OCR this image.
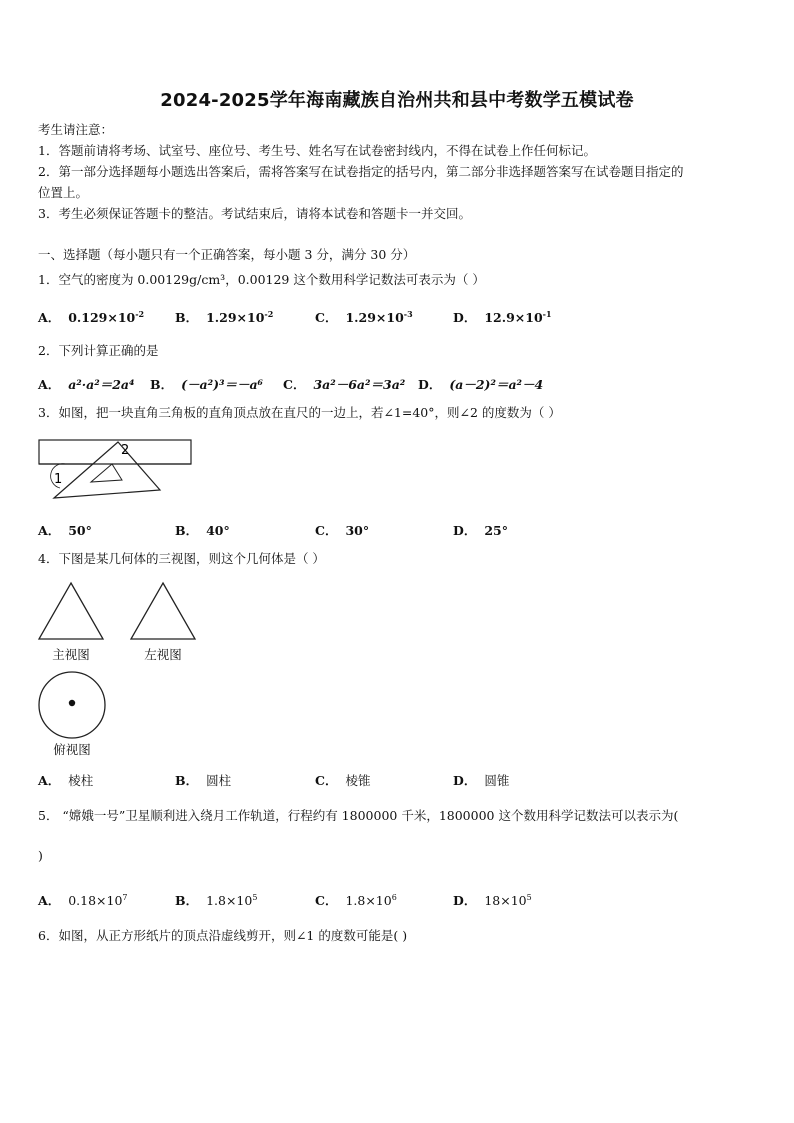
2024-2025学年海南藏族自治州共和县中考数学五模试卷
考生请注意：
1．答题前请将考场、试室号、座位号、考生号、姓名写在试卷密封线内，不得在试卷上作任何标记。
2．第一部分选择题每小题选出答案后，需将答案写在试卷指定的括号内，第二部分非选择题答案写在试卷题目指定的
位置上。
3．考生必须保证答题卡的整洁。考试结束后，请将本试卷和答题卡一并交回。
一、选择题（每小题只有一个正确答案，每小题 3 分，满分 30 分）
1．空气的密度为 0.00129g/cm³，0.00129 这个数用科学记数法可表示为（ ）
A． $0.129\times 10^{-2}$ B． $1.29\times 10^{-2}$	C． $1.29\times 10^{-3}$	D． $12.9\times 10^{-1}$
2．下列计算正确的是
A． a²·a²＝2a⁴ B． (－a²)³＝－a⁶ C． 3a²－6a²＝3a² D． (a－2)²＝a²－4
3．如图，把一块直角三角板的直角顶点放在直尺的一边上，若∠1=40°，则∠2 的度数为（ ）
1
2
A． 50°	B． 40°	C． 30°	D． 25°
4．下图是某几何体的三视图，则这个几何体是（ ）
主视图	左视图
俯视图
A． 棱柱	B． 圆柱	C． 棱锥	D． 圆锥
5． “嫦娥一号”卫星顺利进入绕月工作轨道，行程约有 1800000 千米，1800000 这个数用科学记数法可以表示为(
)
A． $0.18\times 10^7$	B． $1.8\times 10^5$	C． $1.8\times 10^6$	D． $18\times 10^5$
6．如图，从正方形纸片的顶点沿虚线剪开，则∠1 的度数可能是( )
